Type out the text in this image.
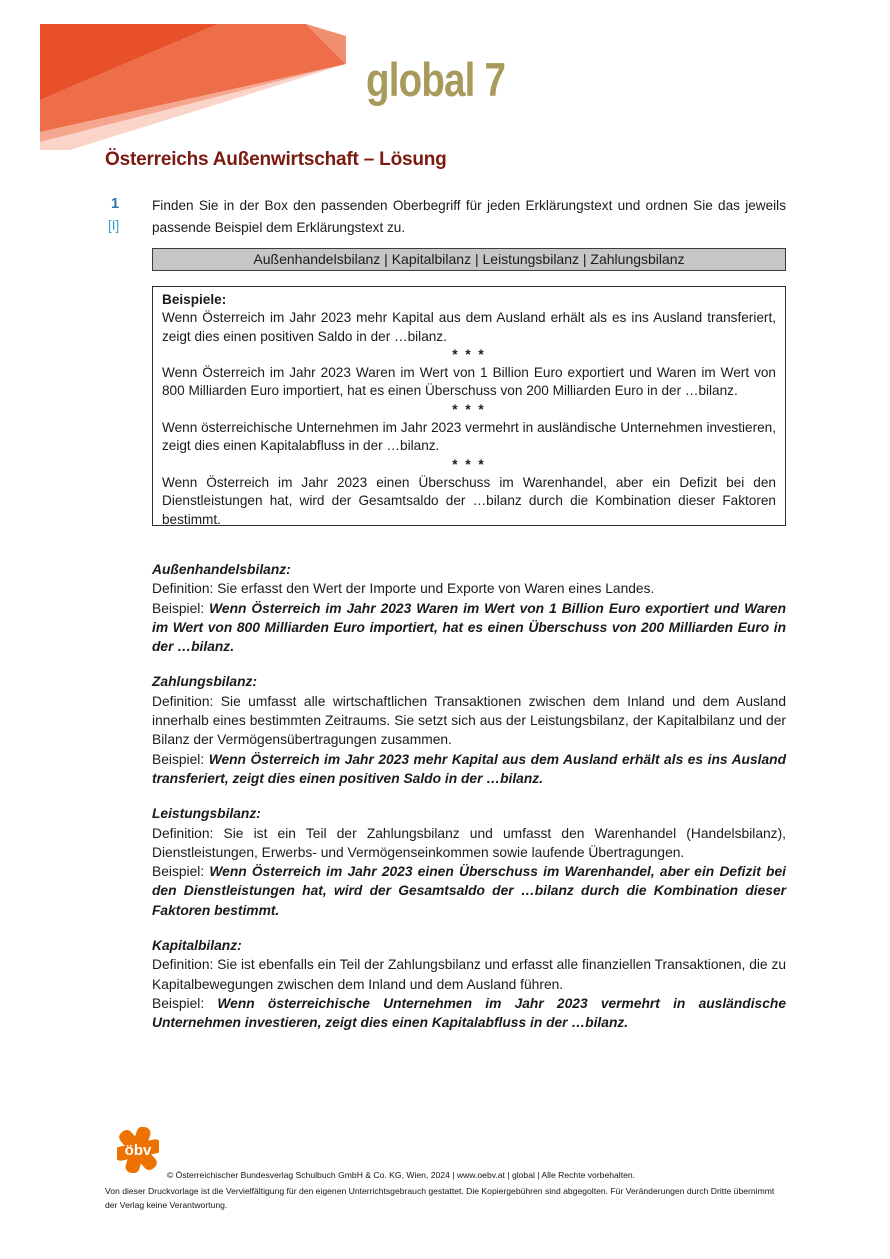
global 7
Österreichs Außenwirtschaft – Lösung
1
[I]
Finden Sie in der Box den passenden Oberbegriff für jeden Erklärungstext und ordnen Sie das jeweils passende Beispiel dem Erklärungstext zu.
Außenhandelsbilanz | Kapitalbilanz | Leistungsbilanz | Zahlungsbilanz
Beispiele:

Wenn Österreich im Jahr 2023 mehr Kapital aus dem Ausland erhält als es ins Ausland transferiert, zeigt dies einen positiven Saldo in der …bilanz.

* * *

Wenn Österreich im Jahr 2023 Waren im Wert von 1 Billion Euro exportiert und Waren im Wert von 800 Milliarden Euro importiert, hat es einen Überschuss von 200 Milliarden Euro in der …bilanz.

* * *

Wenn österreichische Unternehmen im Jahr 2023 vermehrt in ausländische Unternehmen investieren, zeigt dies einen Kapitalabfluss in der …bilanz.

* * *

Wenn Österreich im Jahr 2023 einen Überschuss im Warenhandel, aber ein Defizit bei den Dienstleistungen hat, wird der Gesamtsaldo der …bilanz durch die Kombination dieser Faktoren bestimmt.

Außenhandelsbilanz:

Definition: Sie erfasst den Wert der Importe und Exporte von Waren eines Landes.

Beispiel: Wenn Österreich im Jahr 2023 Waren im Wert von 1 Billion Euro exportiert und Waren im Wert von 800 Milliarden Euro importiert, hat es einen Überschuss von 200 Milliarden Euro in der …bilanz.

Zahlungsbilanz:

Definition: Sie umfasst alle wirtschaftlichen Transaktionen zwischen dem Inland und dem Ausland innerhalb eines bestimmten Zeitraums. Sie setzt sich aus der Leistungsbilanz, der Kapitalbilanz und der Bilanz der Vermögensübertragungen zusammen.

Beispiel: Wenn Österreich im Jahr 2023 mehr Kapital aus dem Ausland erhält als es ins Ausland transferiert, zeigt dies einen positiven Saldo in der …bilanz.

Leistungsbilanz:

Definition: Sie ist ein Teil der Zahlungsbilanz und umfasst den Warenhandel (Handelsbilanz), Dienstleistungen, Erwerbs- und Vermögenseinkommen sowie laufende Übertragungen.

Beispiel: Wenn Österreich im Jahr 2023 einen Überschuss im Warenhandel, aber ein Defizit bei den Dienstleistungen hat, wird der Gesamtsaldo der …bilanz durch die Kombination dieser Faktoren bestimmt.

Kapitalbilanz:

Definition: Sie ist ebenfalls ein Teil der Zahlungsbilanz und erfasst alle finanziellen Transaktionen, die zu Kapitalbewegungen zwischen dem Inland und dem Ausland führen.

Beispiel: Wenn österreichische Unternehmen im Jahr 2023 vermehrt in ausländische Unternehmen investieren, zeigt dies einen Kapitalabfluss in der …bilanz.

öbv
© Österreichischer Bundesverlag Schulbuch GmbH & Co. KG, Wien, 2024 | www.oebv.at | global | Alle Rechte vorbehalten.
Von dieser Druckvorlage ist die Vervielfältigung für den eigenen Unterrichtsgebrauch gestattet. Die Kopiergebühren sind abgegolten. Für Veränderungen durch Dritte übernimmt der Verlag keine Verantwortung.
